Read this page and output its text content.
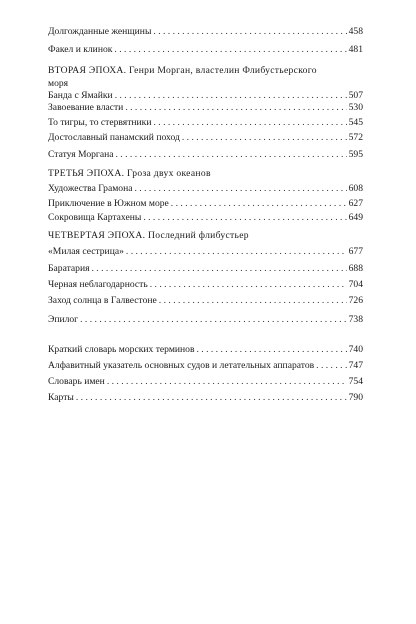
Долгожданные женщины . . .	458
Факел и клинок . . .	481
ВТОРАЯ ЭПОХА. Генри Морган, властелин Флибустьерского
моря
Банда с Ямайки . . .	507
Завоевание власти . . .	530
То тигры, то стервятники . . .	545
Достославный панамский поход . . .	572
Статуя Моргана . . .	595
ТРЕТЬЯ ЭПОХА. Гроза двух океанов
Художества Грамона . . .	608
Приключение в Южном море . . .	627
Сокровища Картахены . . .	649
ЧЕТВЕРТАЯ ЭПОХА. Последний флибустьер
«Милая сестрица» . . .	677
Баратария . . .	688
Черная неблагодарность . . .	704
Заход солнца в Галвестоне . . .	726
Эпилог . . .	738
Краткий словарь морских терминов . . .	740
Алфавитный указатель основных судов и летательных аппаратов . . .	747
Словарь имен . . .	754
Карты . . .	790
